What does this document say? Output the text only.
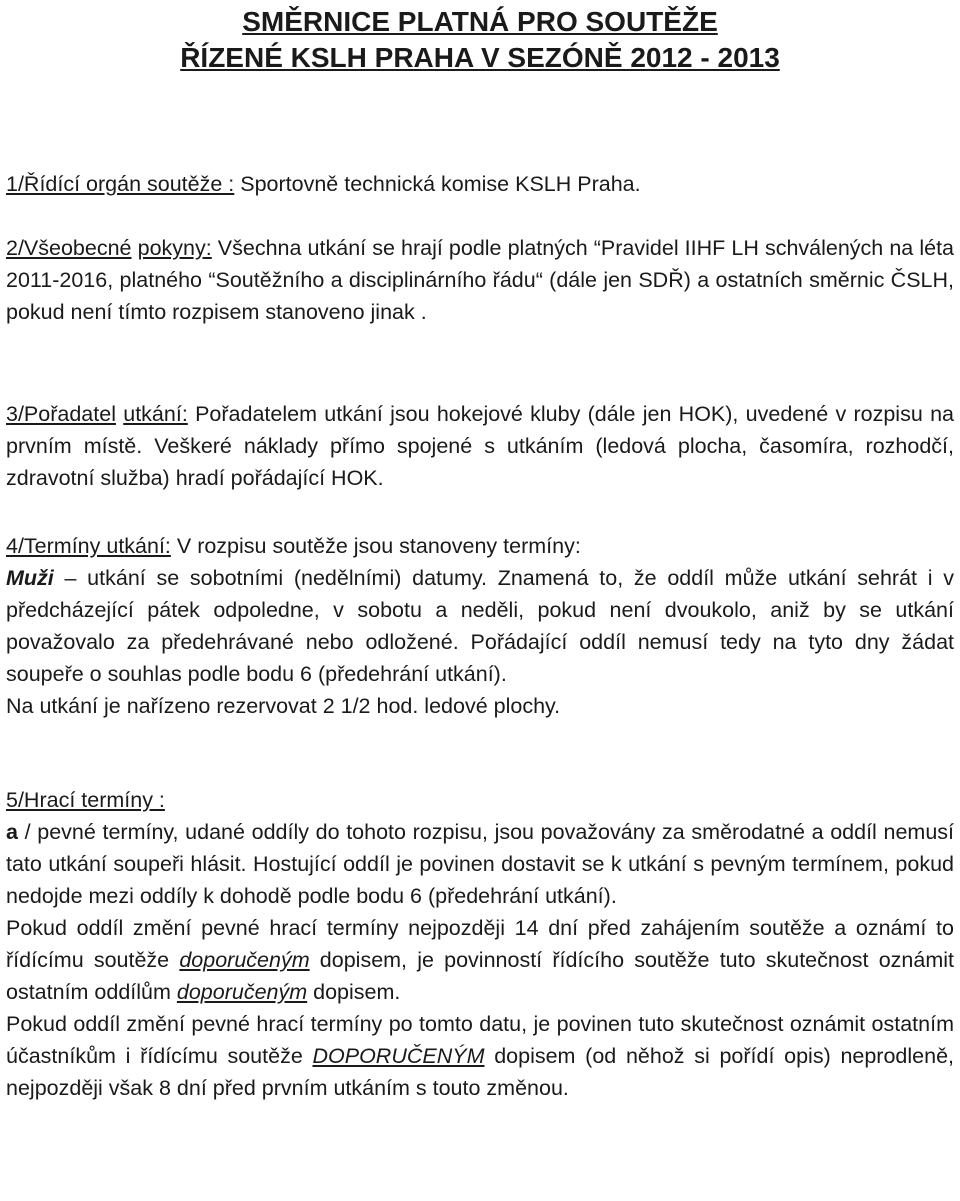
SMĚRNICE PLATNÁ PRO SOUTĚŽE
ŘÍZENÉ KSLH PRAHA V SEZÓNĚ 2012 - 2013

1/Řídící orgán soutěže : Sportovně technická komise KSLH Praha.

2/Všeobecné pokyny: Všechna utkání se hrají podle platných “Pravidel IIHF LH schválených na léta 2011-2016, platného “Soutěžního a disciplinárního řádu“ (dále jen SDŘ) a ostatních směrnic ČSLH, pokud není tímto rozpisem stanoveno jinak .

3/Pořadatel utkání: Pořadatelem utkání jsou hokejové kluby (dále jen HOK), uvedené v rozpisu na prvním místě. Veškeré náklady přímo spojené s utkáním (ledová plocha, časomíra, rozhodčí, zdravotní služba) hradí pořádající HOK.

4/Termíny utkání: V rozpisu soutěže jsou stanoveny termíny:
Muži – utkání se sobotními (nedělními) datumy. Znamená to, že oddíl může utkání sehrát i v předcházející pátek odpoledne, v sobotu a neděli, pokud není dvoukolo, aniž by se utkání považovalo za předehrávané nebo odložené. Pořádající oddíl nemusí tedy na tyto dny žádat soupeře o souhlas podle bodu 6 (předehrání utkání).
Na utkání je nařízeno rezervovat 2 1/2 hod. ledové plochy.

5/Hrací termíny :
a / pevné termíny, udané oddíly do tohoto rozpisu, jsou považovány za směrodatné a oddíl nemusí tato utkání soupeři hlásit. Hostující oddíl je povinen dostavit se k utkání s pevným termínem, pokud nedojde mezi oddíly k dohodě podle bodu 6 (předehrání utkání).
Pokud oddíl změní pevné hrací termíny nejpozději 14 dní před zahájením soutěže a oznámí to řídícímu soutěže doporučeným dopisem, je povinností řídícího soutěže tuto skutečnost oznámit ostatním oddílům doporučeným dopisem.
Pokud oddíl změní pevné hrací termíny po tomto datu, je povinen tuto skutečnost oznámit ostatním účastníkům i řídícímu soutěže DOPORUČENÝM dopisem (od něhož si pořídí opis) neprodleně, nejpozději však 8 dní před prvním utkáním s touto změnou.
